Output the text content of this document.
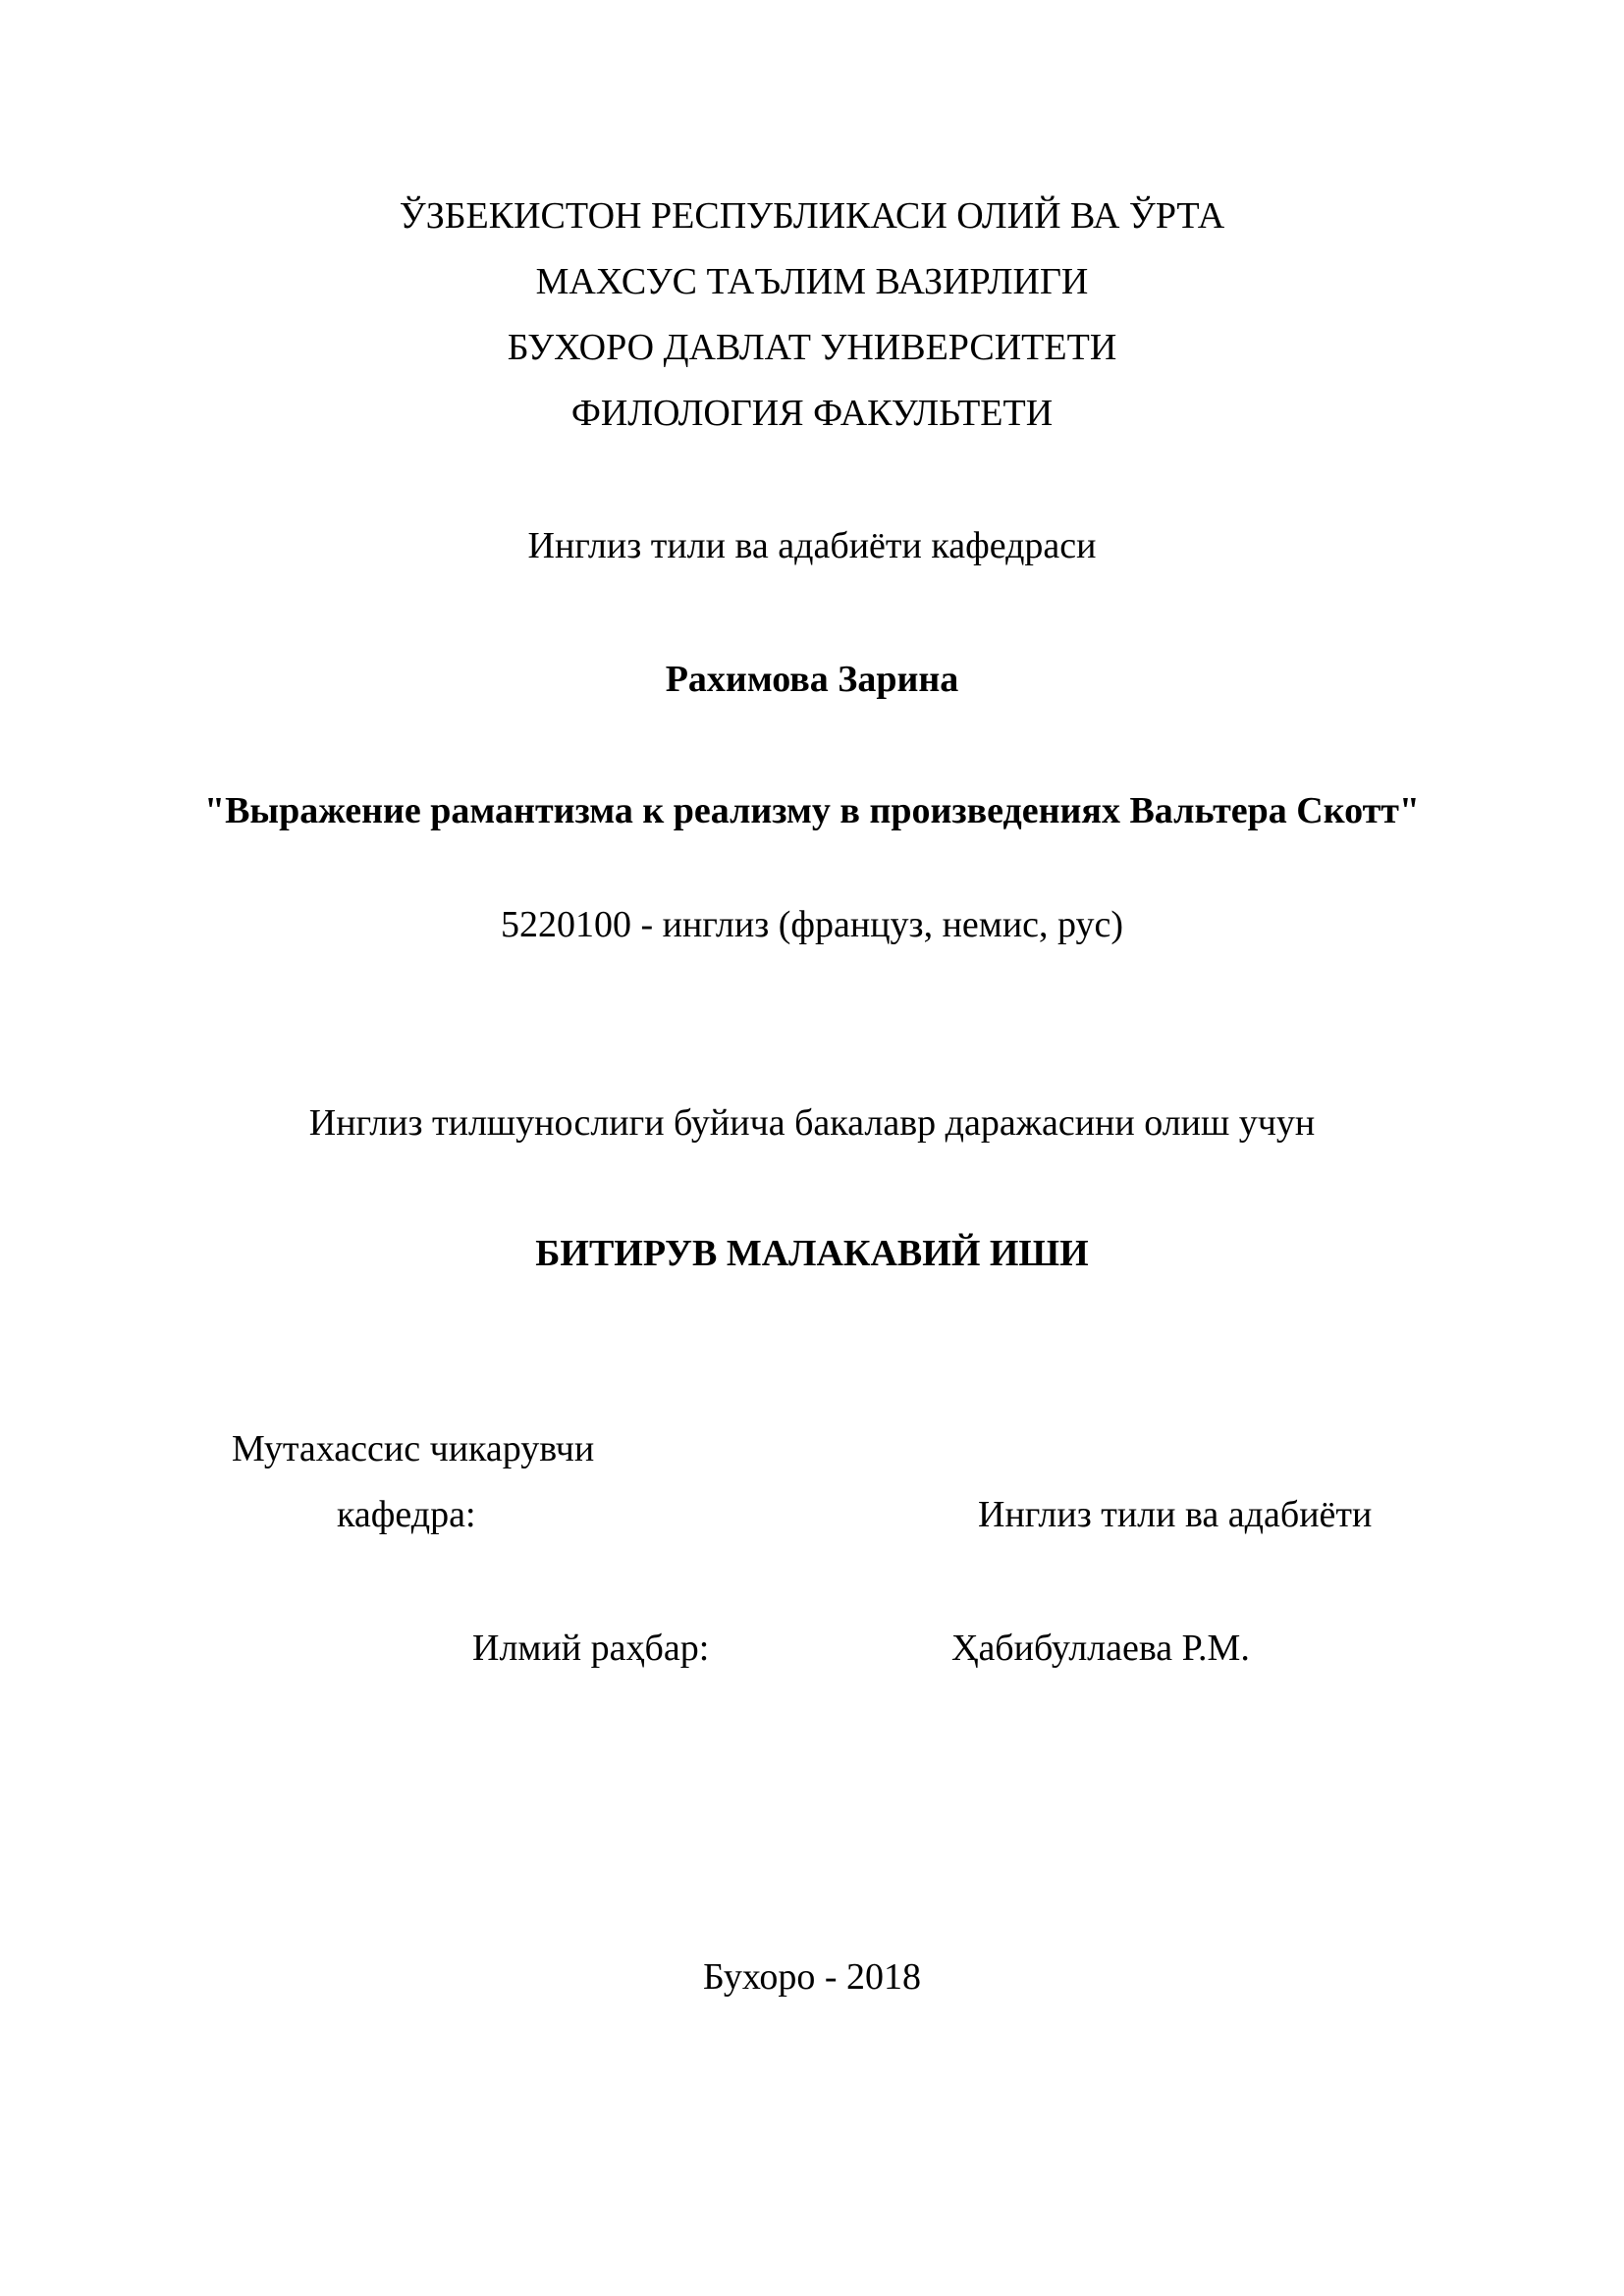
ЎЗБЕКИСТОН РЕСПУБЛИКАСИ ОЛИЙ ВА ЎРТА
МАХСУС ТАЪЛИМ ВАЗИРЛИГИ
БУХОРО ДАВЛАТ УНИВЕРСИТЕТИ
ФИЛОЛОГИЯ ФАКУЛЬТЕТИ
Инглиз тили ва адабиёти кафедраси
Рахимова Зарина
"Выражение рамантизма к реализму в произведениях Вальтера Скотт"
5220100 - инглиз (француз, немис, рус)
Инглиз тилшунослиги буйича бакалавр даражасини олиш учун
БИТИРУВ МАЛАКАВИЙ ИШИ
Мутахассис чикарувчи
кафедра:	Инглиз тили ва адабиёти
Илмий раҳбар:	Ҳабибуллаева Р.М.
Бухоро - 2018
